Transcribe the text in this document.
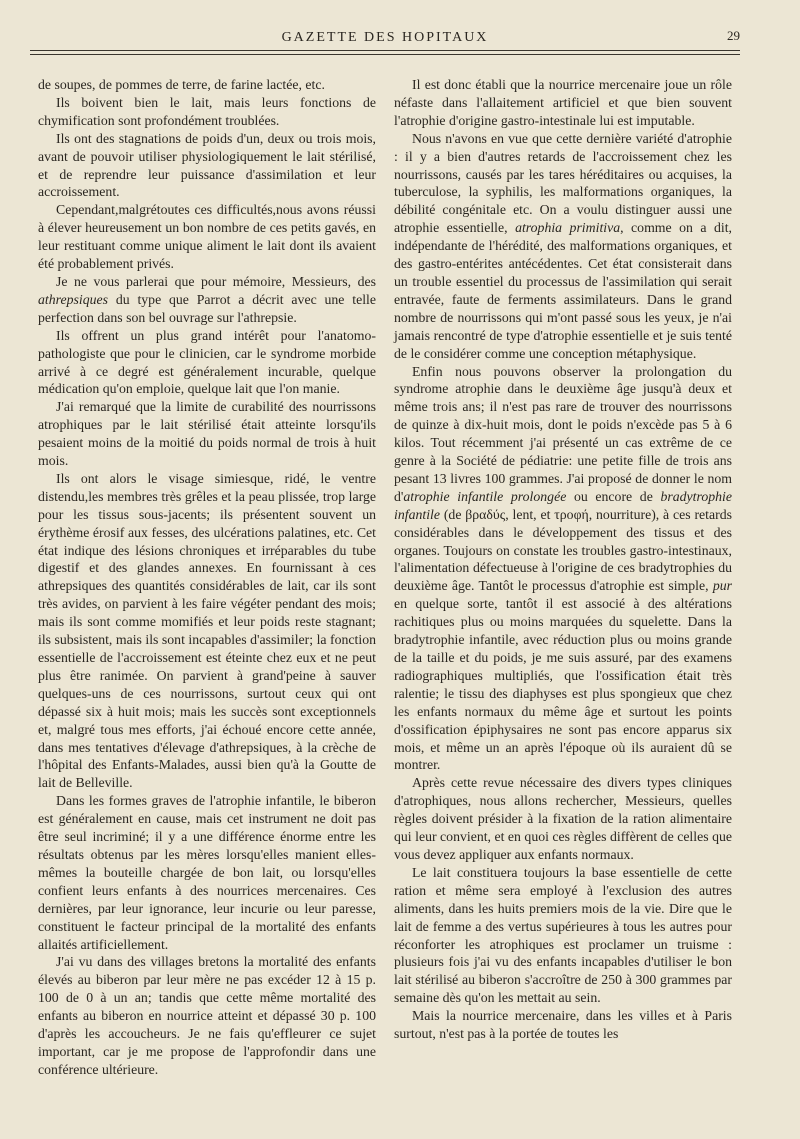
GAZETTE DES HOPITAUX	29

de soupes, de pommes de terre, de farine lactée, etc.

Ils boivent bien le lait, mais leurs fonctions de chymification sont profondément troublées.

Ils ont des stagnations de poids d'un, deux ou trois mois, avant de pouvoir utiliser physiologiquement le lait stérilisé, et de reprendre leur puissance d'assimilation et leur accroissement.

Cependant,malgrétoutes ces difficultés,nous avons réussi à élever heureusement un bon nombre de ces petits gavés, en leur restituant comme unique aliment le lait dont ils avaient été probablement privés.

Je ne vous parlerai que pour mémoire, Messieurs, des athrepsiques du type que Parrot a décrit avec une telle perfection dans son bel ouvrage sur l'athrepsie.

Ils offrent un plus grand intérêt pour l'anatomo-pathologiste que pour le clinicien, car le syndrome morbide arrivé à ce degré est généralement incurable, quelque médication qu'on emploie, quelque lait que l'on manie.

J'ai remarqué que la limite de curabilité des nourrissons atrophiques par le lait stérilisé était atteinte lorsqu'ils pesaient moins de la moitié du poids normal de trois à huit mois.

Ils ont alors le visage simiesque, ridé, le ventre distendu,les membres très grêles et la peau plissée, trop large pour les tissus sous-jacents; ils présentent souvent un érythème érosif aux fesses, des ulcérations palatines, etc. Cet état indique des lésions chroniques et irréparables du tube digestif et des glandes annexes. En fournissant à ces athrepsiques des quantités considérables de lait, car ils sont très avides, on parvient à les faire végéter pendant des mois; mais ils sont comme momifiés et leur poids reste stagnant; ils subsistent, mais ils sont incapables d'assimiler; la fonction essentielle de l'accroissement est éteinte chez eux et ne peut plus être ranimée. On parvient à grand'peine à sauver quelques-uns de ces nourrissons, surtout ceux qui ont dépassé six à huit mois; mais les succès sont exceptionnels et, malgré tous mes efforts, j'ai échoué encore cette année, dans mes tentatives d'élevage d'athrepsiques, à la crèche de l'hôpital des Enfants-Malades, aussi bien qu'à la Goutte de lait de Belleville.

Dans les formes graves de l'atrophie infantile, le biberon est généralement en cause, mais cet instrument ne doit pas être seul incriminé; il y a une différence énorme entre les résultats obtenus par les mères lorsqu'elles manient elles-mêmes la bouteille chargée de bon lait, ou lorsqu'elles confient leurs enfants à des nourrices mercenaires. Ces dernières, par leur ignorance, leur incurie ou leur paresse, constituent le facteur principal de la mortalité des enfants allaités artificiellement.

J'ai vu dans des villages bretons la mortalité des enfants élevés au biberon par leur mère ne pas excéder 12 à 15 p. 100 de 0 à un an; tandis que cette même mortalité des enfants au biberon en nourrice atteint et dépassé 30 p. 100 d'après les accoucheurs. Je ne fais qu'effleurer ce sujet important, car je me propose de l'approfondir dans une conférence ultérieure.

Il est donc établi que la nourrice mercenaire joue un rôle néfaste dans l'allaitement artificiel et que bien souvent l'atrophie d'origine gastro-intestinale lui est imputable.

Nous n'avons en vue que cette dernière variété d'atrophie : il y a bien d'autres retards de l'accroissement chez les nourrissons, causés par les tares héréditaires ou acquises, la tuberculose, la syphilis, les malformations organiques, la débilité congénitale etc. On a voulu distinguer aussi une atrophie essentielle, atrophia primitiva, comme on a dit, indépendante de l'hérédité, des malformations organiques, et des gastro-entérites antécédentes. Cet état consisterait dans un trouble essentiel du processus de l'assimilation qui serait entravée, faute de ferments assimilateurs. Dans le grand nombre de nourrissons qui m'ont passé sous les yeux, je n'ai jamais rencontré de type d'atrophie essentielle et je suis tenté de le considérer comme une conception métaphysique.

Enfin nous pouvons observer la prolongation du syndrome atrophie dans le deuxième âge jusqu'à deux et même trois ans; il n'est pas rare de trouver des nourrissons de quinze à dix-huit mois, dont le poids n'excède pas 5 à 6 kilos. Tout récemment j'ai présenté un cas extrême de ce genre à la Société de pédiatrie: une petite fille de trois ans pesant 13 livres 100 grammes. J'ai proposé de donner le nom d'atrophie infantile prolongée ou encore de bradytrophie infantile (de βραδύς, lent, et τροφή, nourriture), à ces retards considérables dans le développement des tissus et des organes. Toujours on constate les troubles gastro-intestinaux, l'alimentation défectueuse à l'origine de ces bradytrophies du deuxième âge. Tantôt le processus d'atrophie est simple, pur en quelque sorte, tantôt il est associé à des altérations rachitiques plus ou moins marquées du squelette. Dans la bradytrophie infantile, avec réduction plus ou moins grande de la taille et du poids, je me suis assuré, par des examens radiographiques multipliés, que l'ossification était très ralentie; le tissu des diaphyses est plus spongieux que chez les enfants normaux du même âge et surtout les points d'ossification épiphysaires ne sont pas encore apparus six mois, et même un an après l'époque où ils auraient dû se montrer.

Après cette revue nécessaire des divers types cliniques d'atrophiques, nous allons rechercher, Messieurs, quelles règles doivent présider à la fixation de la ration alimentaire qui leur convient, et en quoi ces règles diffèrent de celles que vous devez appliquer aux enfants normaux.

Le lait constituera toujours la base essentielle de cette ration et même sera employé à l'exclusion des autres aliments, dans les huits premiers mois de la vie. Dire que le lait de femme a des vertus supérieures à tous les autres pour réconforter les atrophiques est proclamer un truisme : plusieurs fois j'ai vu des enfants incapables d'utiliser le bon lait stérilisé au biberon s'accroître de 250 à 300 grammes par semaine dès qu'on les mettait au sein.

Mais la nourrice mercenaire, dans les villes et à Paris surtout, n'est pas à la portée de toutes les
